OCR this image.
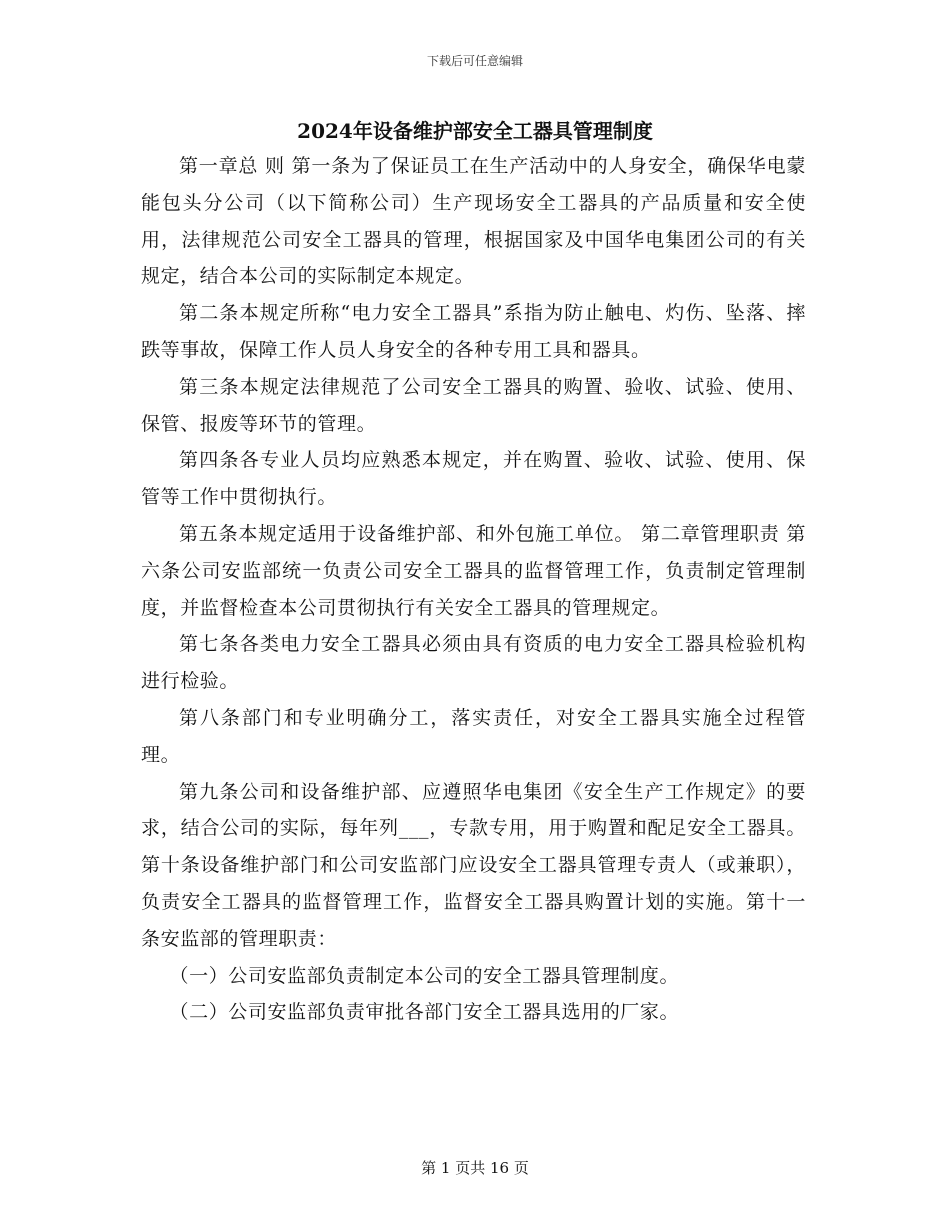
下载后可任意编辑
2024年设备维护部安全工器具管理制度

第一章总 则 第一条为了保证员工在生产活动中的人身安全，确保华电蒙能包头分公司（以下简称公司）生产现场安全工器具的产品质量和安全使用，法律规范公司安全工器具的管理，根据国家及中国华电集团公司的有关规定，结合本公司的实际制定本规定。

第二条本规定所称“电力安全工器具”系指为防止触电、灼伤、坠落、摔跌等事故，保障工作人员人身安全的各种专用工具和器具。

第三条本规定法律规范了公司安全工器具的购置、验收、试验、使用、保管、报废等环节的管理。

第四条各专业人员均应熟悉本规定，并在购置、验收、试验、使用、保管等工作中贯彻执行。

第五条本规定适用于设备维护部、和外包施工单位。 第二章管理职责 第六条公司安监部统一负责公司安全工器具的监督管理工作，负责制定管理制度，并监督检查本公司贯彻执行有关安全工器具的管理规定。

第七条各类电力安全工器具必须由具有资质的电力安全工器具检验机构进行检验。

第八条部门和专业明确分工，落实责任，对安全工器具实施全过程管理。

第九条公司和设备维护部、应遵照华电集团《安全生产工作规定》的要求，结合公司的实际，每年列___，专款专用，用于购置和配足安全工器具。第十条设备维护部门和公司安监部门应设安全工器具管理专责人（或兼职），负责安全工器具的监督管理工作，监督安全工器具购置计划的实施。第十一条安监部的管理职责：

（一）公司安监部负责制定本公司的安全工器具管理制度。

（二）公司安监部负责审批各部门安全工器具选用的厂家。

第 1 页共 16 页
